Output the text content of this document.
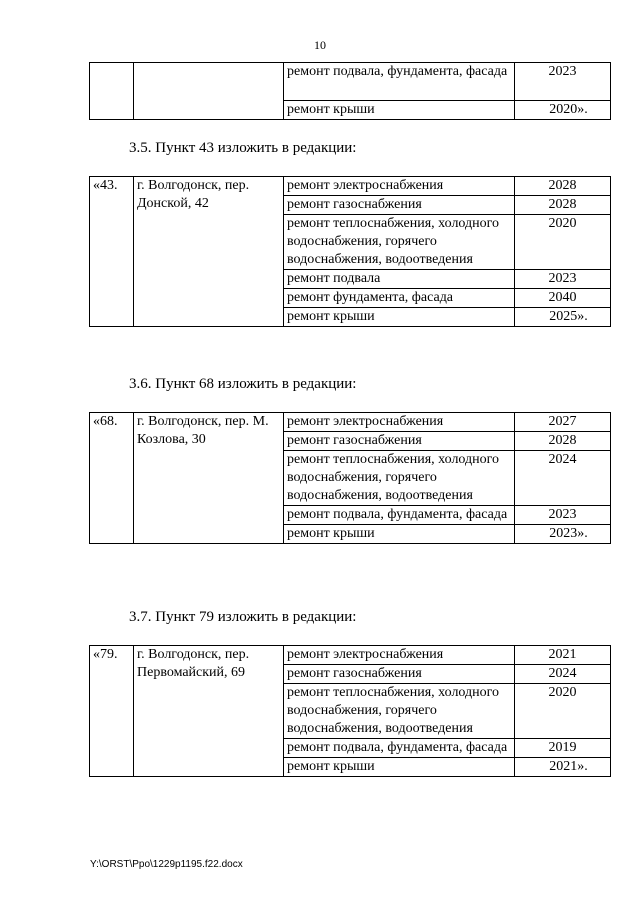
10
		ремонт подвала, фундамента, фасада	2023
		ремонт крыши	2020».
3.5. Пункт 43 изложить в редакции:
«43.	г. Волгодонск, пер. Донской, 42	ремонт электроснабжения	2028
		ремонт газоснабжения	2028
		ремонт теплоснабжения, холодного водоснабжения, горячего водоснабжения, водоотведения	2020
		ремонт подвала	2023
		ремонт фундамента, фасада	2040
		ремонт крыши	2025».
3.6. Пункт 68 изложить в редакции:
«68.	г. Волгодонск, пер. М. Козлова, 30	ремонт электроснабжения	2027
		ремонт газоснабжения	2028
		ремонт теплоснабжения, холодного водоснабжения, горячего водоснабжения, водоотведения	2024
		ремонт подвала, фундамента, фасада	2023
		ремонт крыши	2023».
3.7. Пункт 79 изложить в редакции:
«79.	г. Волгодонск, пер. Первомайский, 69	ремонт электроснабжения	2021
		ремонт газоснабжения	2024
		ремонт теплоснабжения, холодного водоснабжения, горячего водоснабжения, водоотведения	2020
		ремонт подвала, фундамента, фасада	2019
		ремонт крыши	2021».
Y:\ORST\Ppo\1229p1195.f22.docx
